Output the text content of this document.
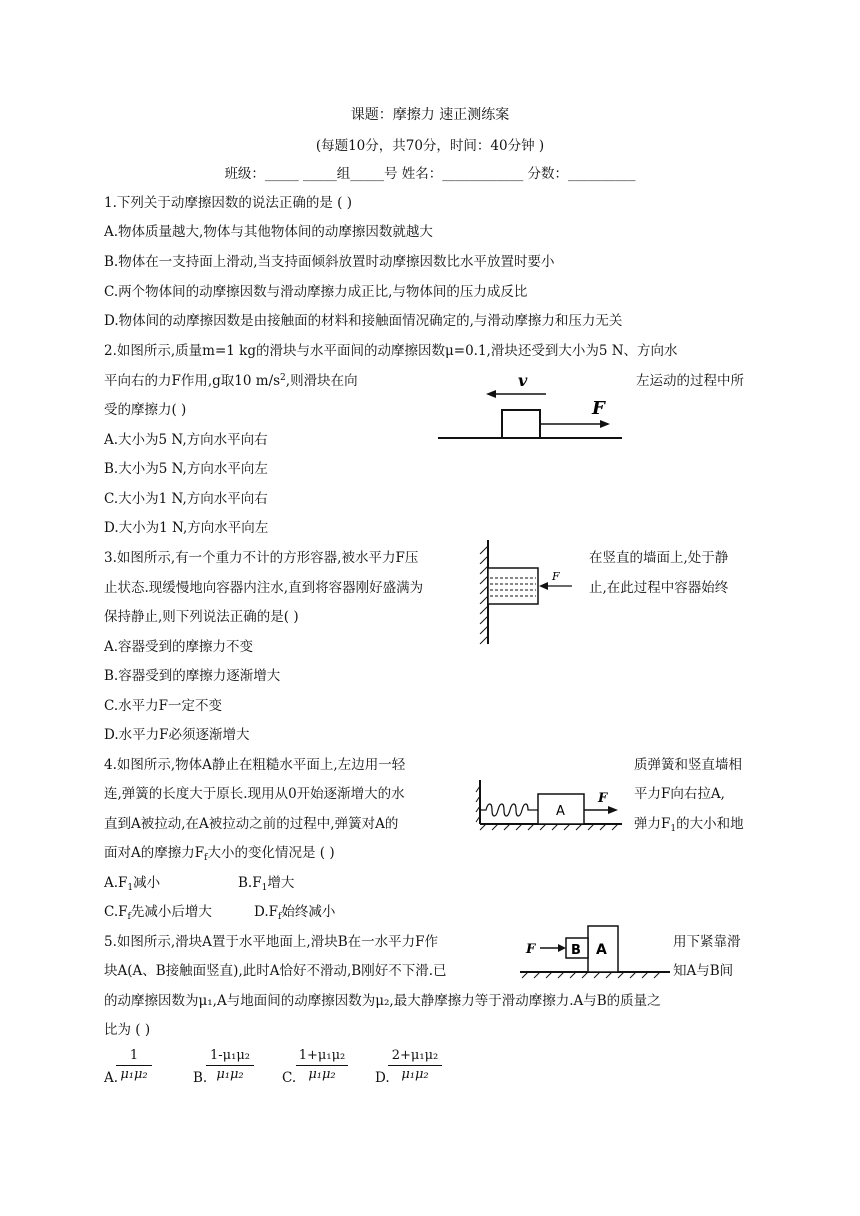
课题：摩擦力 速正测练案
(每题10分，共70分，时间：40分钟 )
班级：_____ _____组_____号 姓名：____________ 分数：__________
1.下列关于动摩擦因数的说法正确的是 ( )
A.物体质量越大,物体与其他物体间的动摩擦因数就越大
B.物体在一支持面上滑动,当支持面倾斜放置时动摩擦因数比水平放置时要小
C.两个物体间的动摩擦因数与滑动摩擦力成正比,与物体间的压力成反比
D.物体间的动摩擦因数是由接触面的材料和接触面情况确定的,与滑动摩擦力和压力无关
2.如图所示,质量m=1 kg的滑块与水平面间的动摩擦因数μ=0.1,滑块还受到大小为5 N、方向水
平向右的力F作用,g取10 $m/s^2$,则滑块在向	左运动的过程中所
受的摩擦力( )
A.大小为5 N,方向水平向右
B.大小为5 N,方向水平向左
C.大小为1 N,方向水平向右
D.大小为1 N,方向水平向左
v
F
3.如图所示,有一个重力不计的方形容器,被水平力F压	在竖直的墙面上,处于静
止状态.现缓慢地向容器内注水,直到将容器刚好盛满为	止,在此过程中容器始终
保持静止,则下列说法正确的是( )
A.容器受到的摩擦力不变
B.容器受到的摩擦力逐渐增大
C.水平力F一定不变
D.水平力F必须逐渐增大
F
4.如图所示,物体A静止在粗糙水平面上,左边用一轻	质弹簧和竖直墙相
连,弹簧的长度大于原长.现用从0开始逐渐增大的水	平力F向右拉A,
直到A被拉动,在A被拉动之前的过程中,弹簧对A的	弹力$F_1$的大小和地
面对A的摩擦力$F_f$大小的变化情况是 ( )
$A.F_1$减小	$B.F_1$增大
$C.F_f$先减小后增大	$D.F_f$始终减小
A
F
5.如图所示,滑块A置于水平地面上,滑块B在一水平力F作	用下紧靠滑
块A(A、B接触面竖直),此时A恰好不滑动,B刚好不下滑.已	知A与B间
的动摩擦因数为μ₁,A与地面间的动摩擦因数为μ₂,最大静摩擦力等于滑动摩擦力.A与B的质量之
比为 ( )
A
B
F
A.
$\frac{1}{\text{μ₁μ₂}}$	B.
$\frac{\text{1-μ₁μ₂}}{\text{μ₁μ₂}} C$. $\frac{\text{1+μ₁μ₂}}{\text{μ₁μ₂}} D$.
$\frac{\text{2+μ₁μ₂}}{\text{μ₁μ₂}}$
